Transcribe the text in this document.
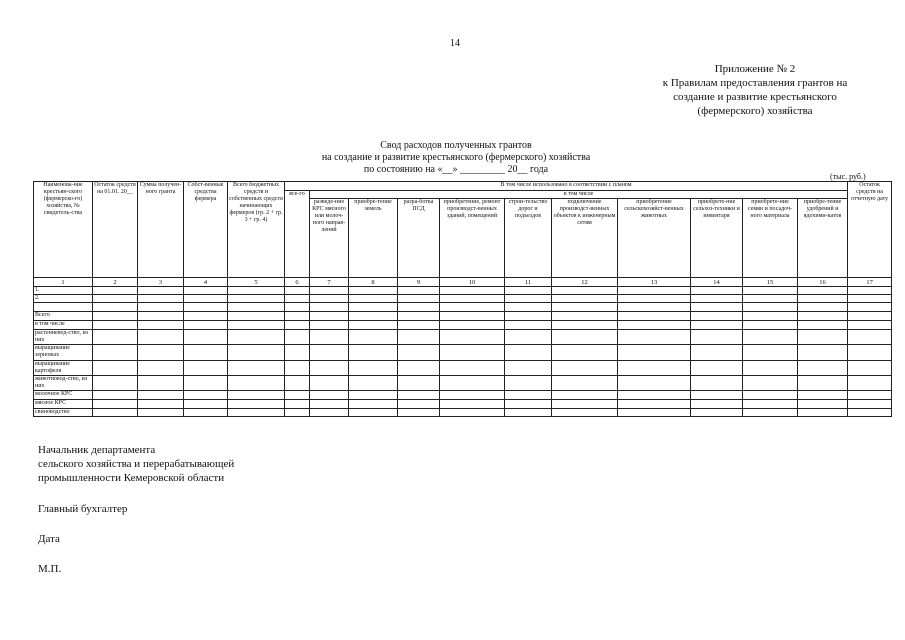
14
Приложение № 2
к Правилам предоставления грантов на
создание и развитие крестьянского
(фермерского) хозяйства
Свод расходов полученных грантов
на создание и развитие крестьянского (фермерского) хозяйства
по состоянию на «__» _________ 20__ года
(тыс. руб.)
Наименова-ние крестьян-ского (фермерско-го) хозяйства, № свидетель-ства	Остаток средств на 01.01. 20__	Сумма получен-ного гранта	Собст-венные средства фермера	Всего бюджетных средств и собственных средств начинающих фермеров (гр. 2 + гр. 3 + гр. 4)	В том числе использовано в соответствии с планом											Остаток средств на отчетную дату
					все-го	в том числе										
						разведе-ние КРС мясного или молоч-ного направ-лений	приобре-тение земель	разра-ботка ПСД	приобретение, ремонт производст-венных зданий, помещений	строи-тельство дорог и подъездов	подключение производст-венных объектов к инженерным сетям	приобретение сельскохозяйст-венных животных	приобрете-ние сельхоз-техники и инвентаря	приобрете-ние семян и посадоч-ного материала	приобре-тение удобрений и ядохими-катов	
1	2	3	4	5	6	7	8	9	10	11	12	13	14	15	16	17
1.																
2.																

Всего																
в том числе																
растениевод-ство, из них																
выращивание зерновых																
выращивание картофеля																
животновод-ство, из них																
молочное КРС																
мясное КРС																
свиноводство																
Начальник департамента
сельского хозяйства и перерабатывающей
промышленности Кемеровской области
Главный бухгалтер
Дата
М.П.
